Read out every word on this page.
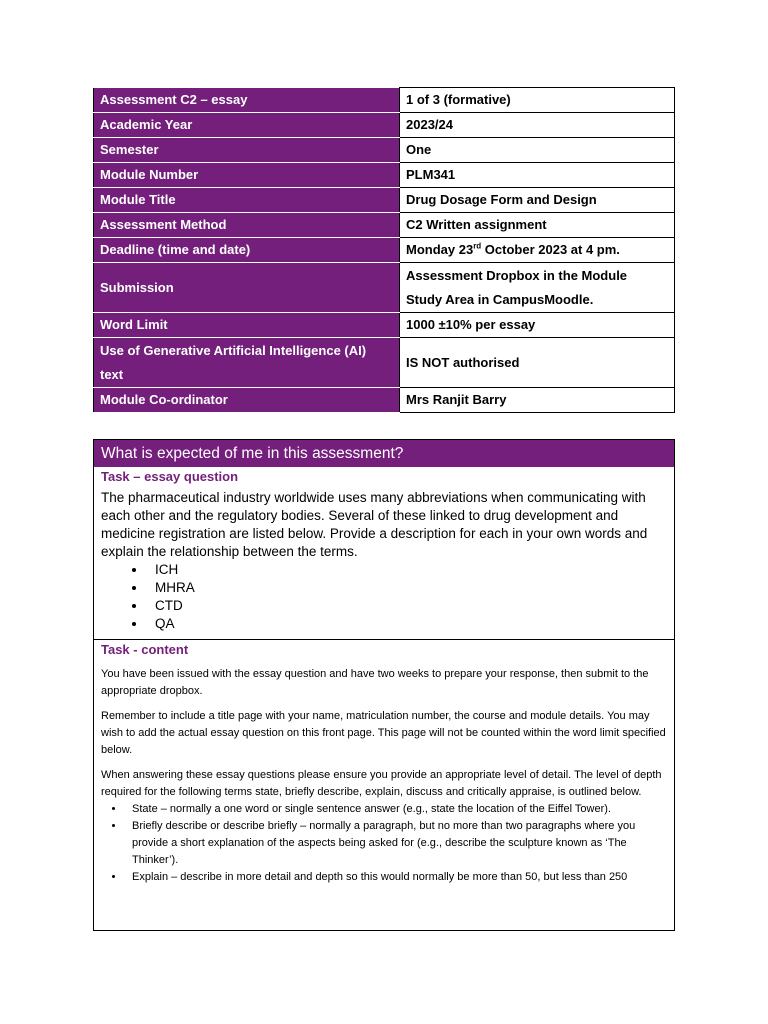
Assessment C2 – essay	1 of 3 (formative)
Academic Year	2023/24
Semester	One
Module Number	PLM341
Module Title	Drug Dosage Form and Design
Assessment Method	C2 Written assignment
Deadline (time and date)	Monday 23rd October 2023 at 4 pm.
Submission	Assessment Dropbox in the Module
Study Area in CampusMoodle.

Word Limit	1000 ±10% per essay

Use of Generative Artificial Intelligence (AI)
text	IS NOT authorised
Module Co-ordinator	Mrs Ranjit Barry
What is expected of me in this assessment?
Task – essay question

The pharmaceutical industry worldwide uses many abbreviations when communicating with each other and the regulatory bodies. Several of these linked to drug development and medicine registration are listed below. Provide a description for each in your own words and explain the relationship between the terms.

• ICH
• MHRA
• CTD
• QA
Task - content

You have been issued with the essay question and have two weeks to prepare your response, then submit to the appropriate dropbox.

Remember to include a title page with your name, matriculation number, the course and module details. You may wish to add the actual essay question on this front page. This page will not be counted within the word limit specified below.

When answering these essay questions please ensure you provide an appropriate level of detail. The level of depth required for the following terms state, briefly describe, explain, discuss and critically appraise, is outlined below.

• State – normally a one word or single sentence answer (e.g., state the location of the Eiffel Tower).
• Briefly describe or describe briefly – normally a paragraph, but no more than two paragraphs where you provide a short explanation of the aspects being asked for (e.g., describe the sculpture known as ‘The Thinker’).
• Explain – describe in more detail and depth so this would normally be more than 50, but less than 250
